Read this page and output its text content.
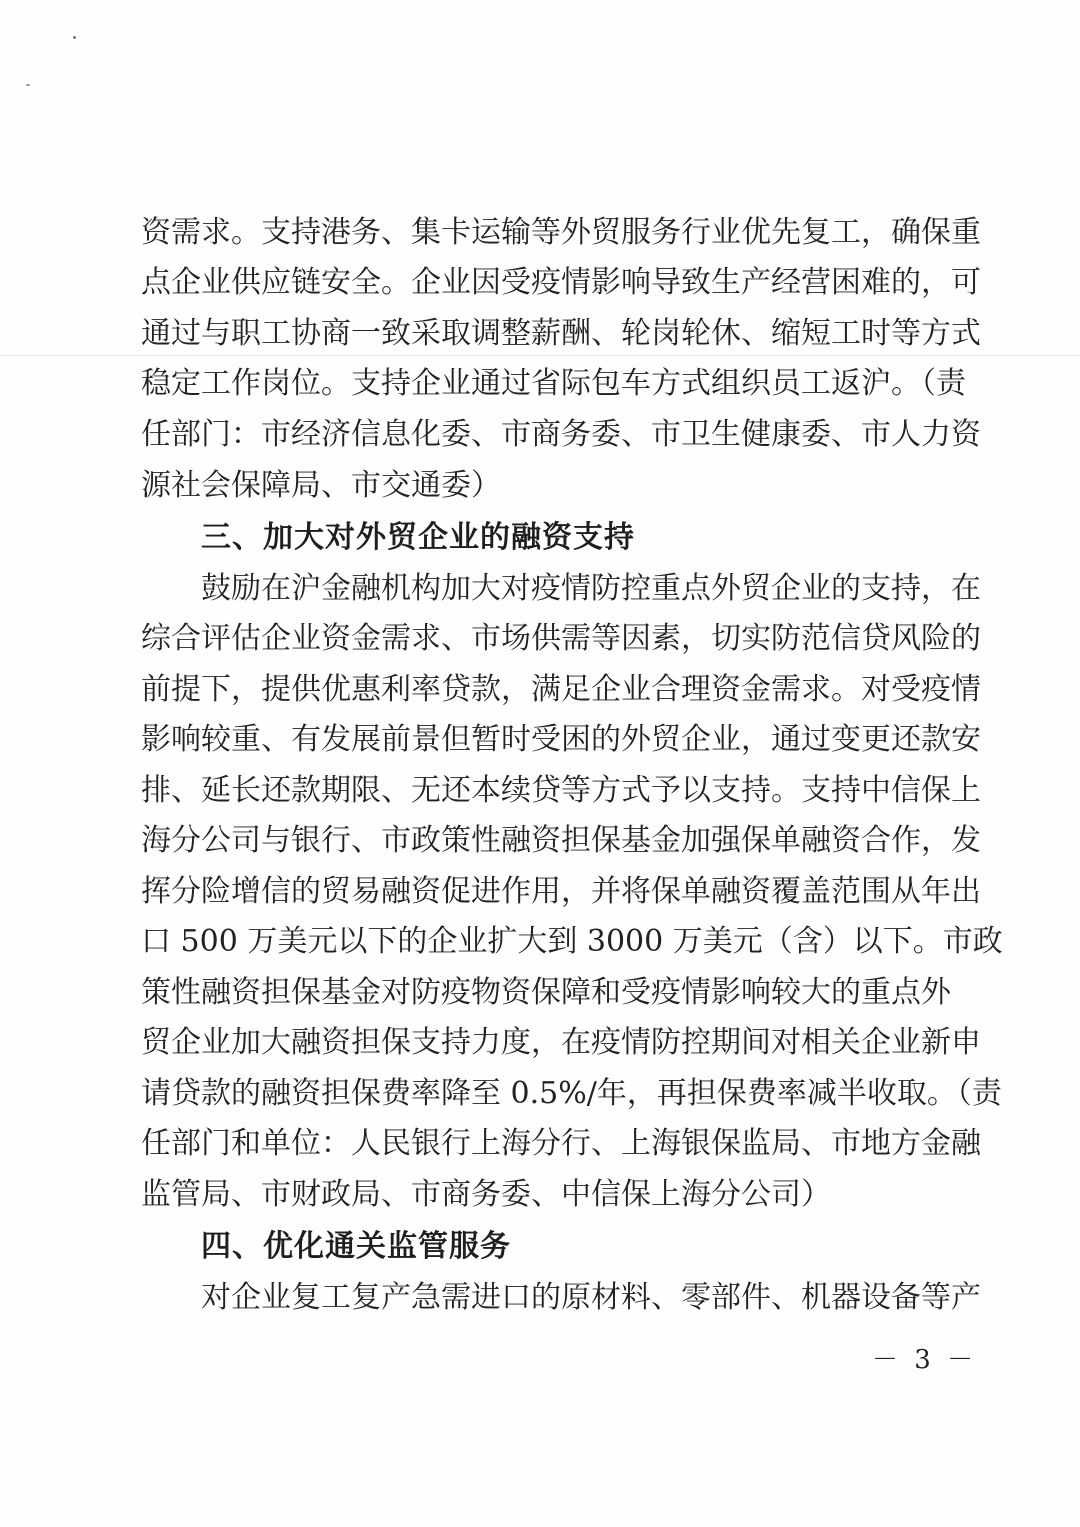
资需求。支持港务、集卡运输等外贸服务行业优先复工，确保重
点企业供应链安全。企业因受疫情影响导致生产经营困难的，可
通过与职工协商一致采取调整薪酬、轮岗轮休、缩短工时等方式
稳定工作岗位。支持企业通过省际包车方式组织员工返沪。（责
任部门：市经济信息化委、市商务委、市卫生健康委、市人力资
源社会保障局、市交通委）
三、加大对外贸企业的融资支持
鼓励在沪金融机构加大对疫情防控重点外贸企业的支持，在
综合评估企业资金需求、市场供需等因素，切实防范信贷风险的
前提下，提供优惠利率贷款，满足企业合理资金需求。对受疫情
影响较重、有发展前景但暂时受困的外贸企业，通过变更还款安
排、延长还款期限、无还本续贷等方式予以支持。支持中信保上
海分公司与银行、市政策性融资担保基金加强保单融资合作，发
挥分险增信的贸易融资促进作用，并将保单融资覆盖范围从年出
口 500 万美元以下的企业扩大到 3000 万美元（含）以下。市政
策性融资担保基金对防疫物资保障和受疫情影响较大的重点外
贸企业加大融资担保支持力度，在疫情防控期间对相关企业新申
请贷款的融资担保费率降至 0.5%/年，再担保费率减半收取。（责
任部门和单位：人民银行上海分行、上海银保监局、市地方金融
监管局、市财政局、市商务委、中信保上海分公司）
四、优化通关监管服务
对企业复工复产急需进口的原材料、零部件、机器设备等产
－ 3 －
